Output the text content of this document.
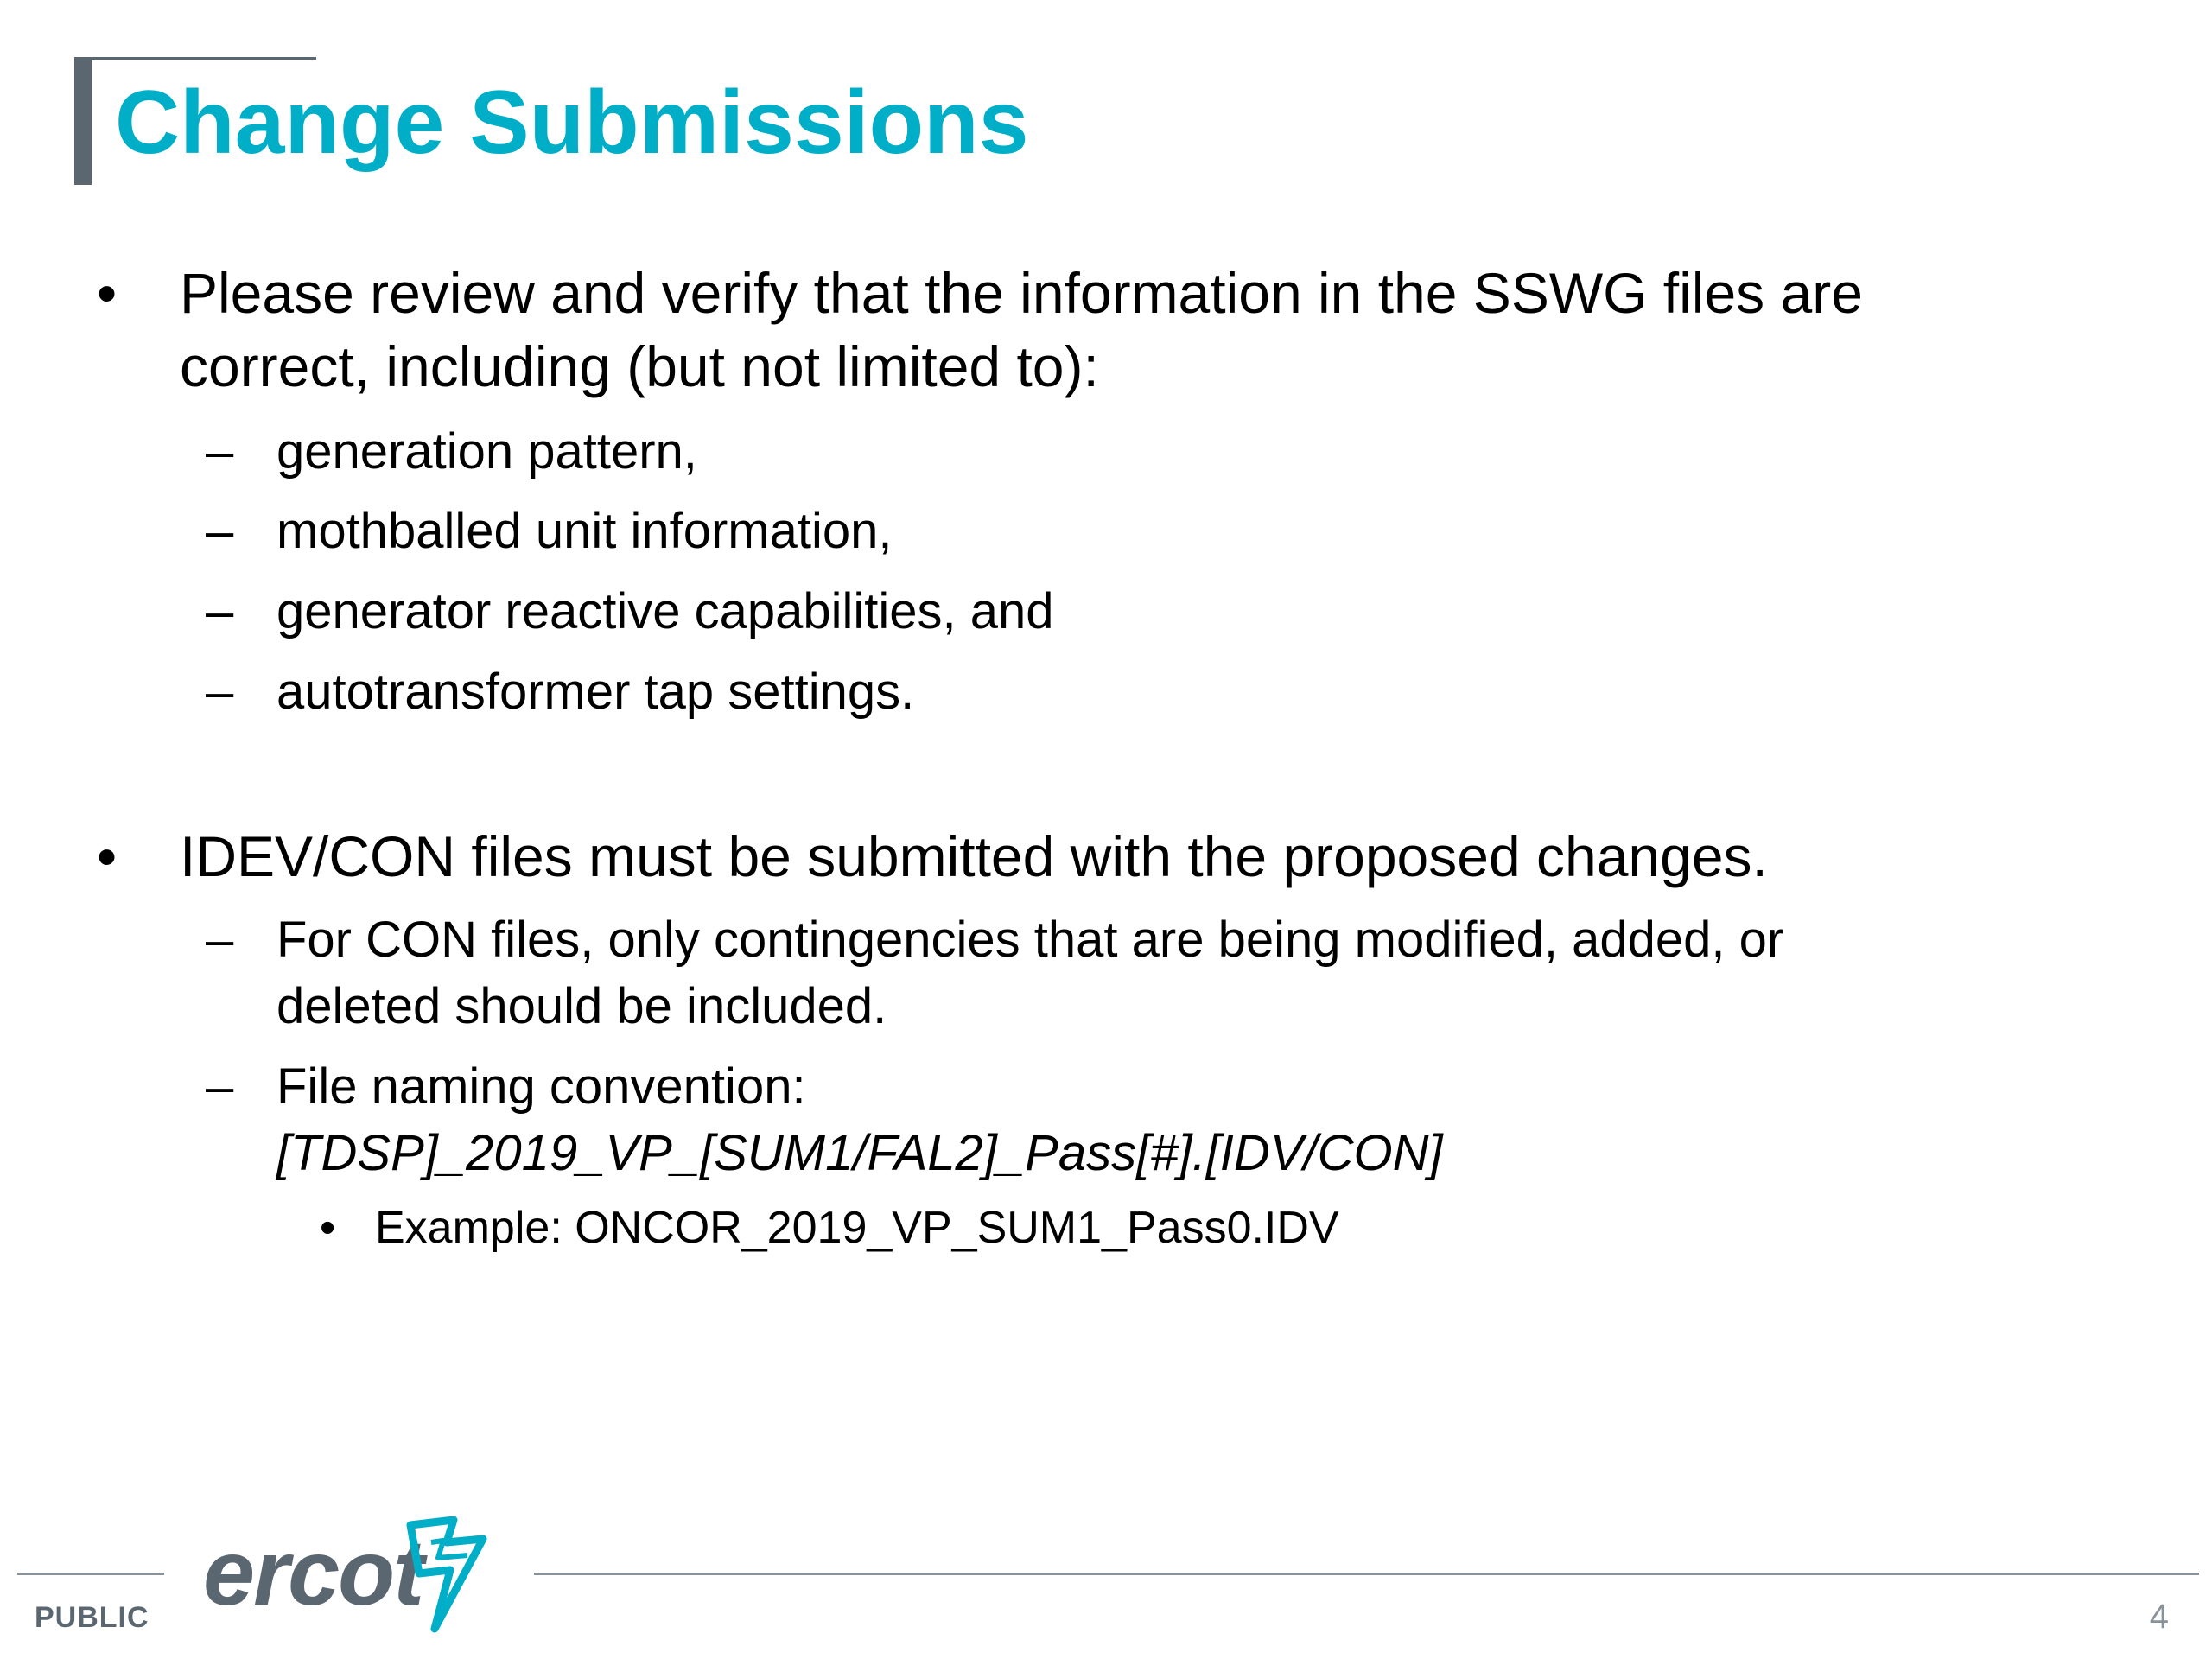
Change Submissions
• Please review and verify that the information in the SSWG files are

correct, including (but not limited to):

– generation pattern,

– mothballed unit information,

– generator reactive capabilities, and

– autotransformer tap settings.

• IDEV/CON files must be submitted with the proposed changes.

– For CON files, only contingencies that are being modified, added, or

deleted should be included.

– File naming convention:

[TDSP]_2019_VP_[SUM1/FAL2]_Pass[#].[IDV/CON]

• Example: ONCOR_2019_VP_SUM1_Pass0.IDV

ercot
PUBLIC	4
